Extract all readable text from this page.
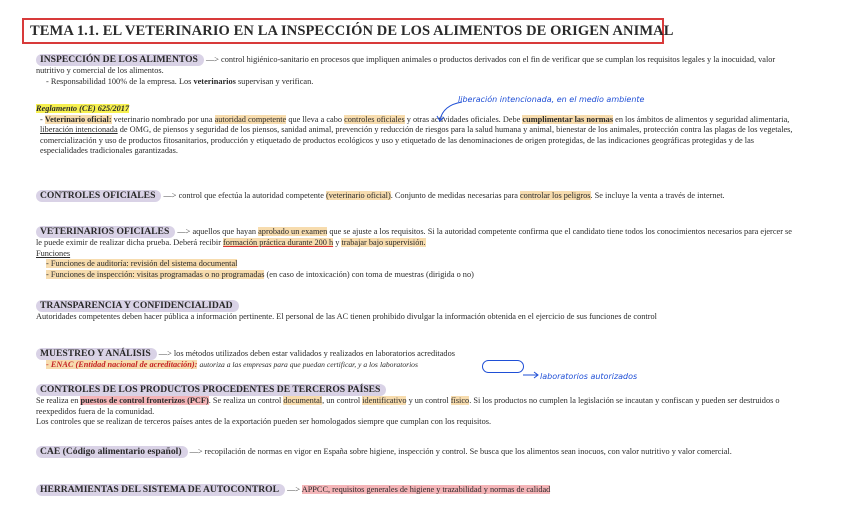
TEMA 1.1. EL VETERINARIO EN LA INSPECCIÓN DE LOS ALIMENTOS DE ORIGEN ANIMAL

INSPECCIÓN DE LOS ALIMENTOS —> control higiénico-sanitario en procesos que impliquen animales o productos derivados con el fin de verificar que se cumplan los requisitos legales y la inocuidad, valor nutritivo y comercial de los alimentos.

- Responsabilidad 100% de la empresa. Los veterinarios supervisan y verifican.

Reglamento (CE) 625/2017

- Veterinario oficial: veterinario nombrado por una autoridad competente que lleva a cabo controles oficiales y otras actividades oficiales. Debe cumplimentar las normas en los ámbitos de alimentos y seguridad alimentaria, liberación intencionada de OMG, de piensos y seguridad de los piensos, sanidad animal, prevención y reducción de riesgos para la salud humana y animal, bienestar de los animales, protección contra las plagas de los vegetales, comercialización y uso de productos fitosanitarios, producción y etiquetado de productos ecológicos y uso y etiquetado de las denominaciones de origen protegidas, de las indicaciones geográficas protegidas y de las especialidades tradicionales garantizadas.

liberación intencionada, en el medio ambiente

CONTROLES OFICIALES —> control que efectúa la autoridad competente (veterinario oficial). Conjunto de medidas necesarias para controlar los peligros. Se incluye la venta a través de internet.

VETERINARIOS OFICIALES —> aquellos que hayan aprobado un examen que se ajuste a los requisitos. Si la autoridad competente confirma que el candidato tiene todos los conocimientos necesarios para ejercer se le puede eximir de realizar dicha prueba. Deberá recibir formación práctica durante 200 h y trabajar bajo supervisión.

Funciones

- Funciones de auditoría: revisión del sistema documental

- Funciones de inspección: visitas programadas o no programadas (en caso de intoxicación) con toma de muestras (dirigida o no)

TRANSPARENCIA Y CONFIDENCIALIDAD

Autoridades competentes deben hacer pública a información pertinente. El personal de las AC tienen prohibido divulgar la información obtenida en el ejercicio de sus funciones de control

MUESTREO Y ANÁLISIS —> los métodos utilizados deben estar validados y realizados en laboratorios acreditados

- ENAC (Entidad nacional de acreditación): autoriza a las empresas para que puedan certificar, y a los laboratorios

laboratorios autorizados

CONTROLES DE LOS PRODUCTOS PROCEDENTES DE TERCEROS PAÍSES

Se realiza en puestos de control fronterizos (PCF). Se realiza un control documental, un control identificativo y un control físico. Si los productos no cumplen la legislación se incautan y confiscan y pueden ser destruidos o reexpedidos fuera de la comunidad.

Los controles que se realizan de terceros países antes de la exportación pueden ser homologados siempre que cumplan con los requisitos.

CAE (Código alimentario español) —> recopilación de normas en vigor en España sobre higiene, inspección y control. Se busca que los alimentos sean inocuos, con valor nutritivo y valor comercial.

HERRAMIENTAS DEL SISTEMA DE AUTOCONTROL —> APPCC, requisitos generales de higiene y trazabilidad y normas de calidad
